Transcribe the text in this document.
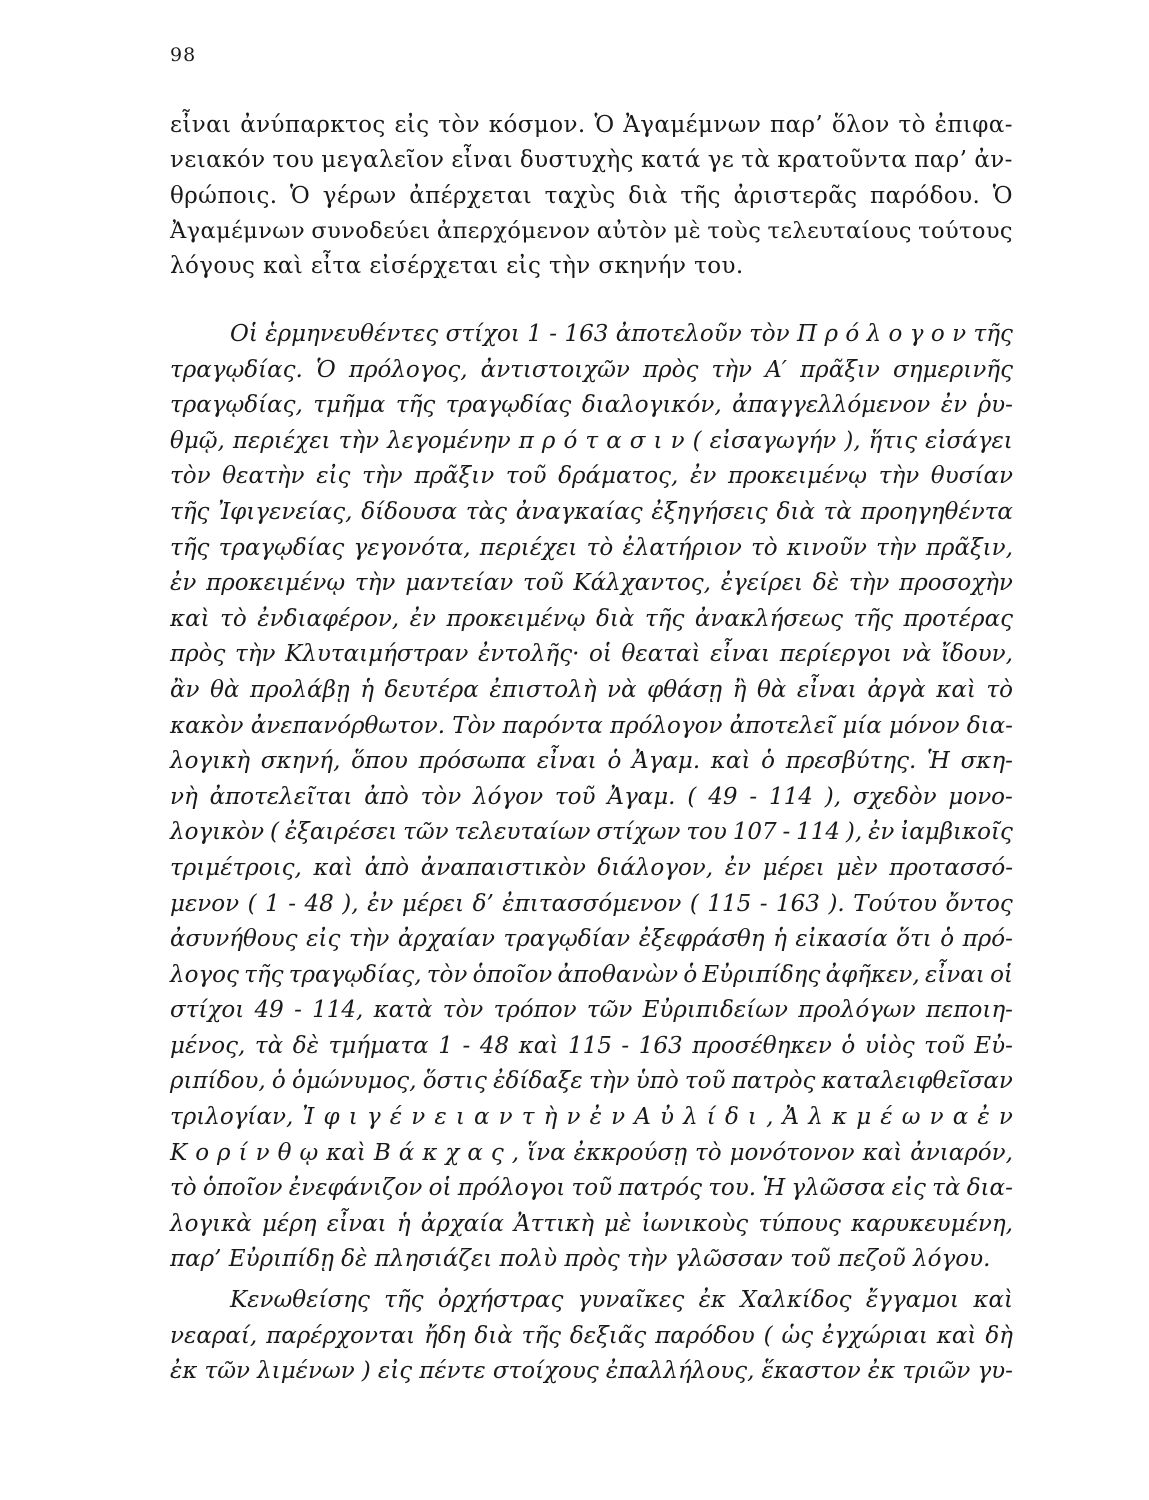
98
εἶναι ἀνύπαρκτος εἰς τὸν κόσμον. Ὁ Ἀγαμέμνων παρ’ ὅλον τὸ ἐπιφα-
νειακόν του μεγαλεῖον εἶναι δυστυχὴς κατά γε τὰ κρατοῦντα παρ’ ἀν-
θρώποις. Ὁ γέρων ἀπέρχεται ταχὺς διὰ τῆς ἀριστερᾶς παρόδου. Ὁ
Ἀγαμέμνων συνοδεύει ἀπερχόμενον αὐτὸν μὲ τοὺς τελευταίους τούτους
λόγους καὶ εἶτα εἰσέρχεται εἰς τὴν σκηνήν του.
Οἱ ἑρμηνευθέντες στίχοι 1 - 163 ἀποτελοῦν τὸν Π ρ ό λ ο γ ο ν τῆς
τραγῳδίας. Ὁ πρόλογος, ἀντιστοιχῶν πρὸς τὴν Α′ πρᾶξιν σημερινῆς
τραγῳδίας, τμῆμα τῆς τραγῳδίας διαλογικόν, ἀπαγγελλόμενον ἐν ῥυ-
θμῷ, περιέχει τὴν λεγομένην π ρ ό τ α σ ι ν ( εἰσαγωγήν ), ἥτις εἰσάγει
τὸν θεατὴν εἰς τὴν πρᾶξιν τοῦ δράματος, ἐν προκειμένῳ τὴν θυσίαν
τῆς Ἰφιγενείας, δίδουσα τὰς ἀναγκαίας ἐξηγήσεις διὰ τὰ προηγηθέντα
τῆς τραγῳδίας γεγονότα, περιέχει τὸ ἐλατήριον τὸ κινοῦν τὴν πρᾶξιν,
ἐν προκειμένῳ τὴν μαντείαν τοῦ Κάλχαντος, ἐγείρει δὲ τὴν προσοχὴν
καὶ τὸ ἐνδιαφέρον, ἐν προκειμένῳ διὰ τῆς ἀνακλήσεως τῆς προτέρας
πρὸς τὴν Κλυταιμήστραν ἐντολῆς· οἱ θεαταὶ εἶναι περίεργοι νὰ ἴδουν,
ἂν θὰ προλάβῃ ἡ δευτέρα ἐπιστολὴ νὰ φθάσῃ ἢ θὰ εἶναι ἀργὰ καὶ τὸ
κακὸν ἀνεπανόρθωτον. Τὸν παρόντα πρόλογον ἀποτελεῖ μία μόνον δια-
λογικὴ σκηνή, ὅπου πρόσωπα εἶναι ὁ Ἀγαμ. καὶ ὁ πρεσβύτης. Ἡ σκη-
νὴ ἀποτελεῖται ἀπὸ τὸν λόγον τοῦ Ἀγαμ. ( 49 - 114 ), σχεδὸν μονο-
λογικὸν ( ἐξαιρέσει τῶν τελευταίων στίχων του 107 - 114 ), ἐν ἰαμβικοῖς
τριμέτροις, καὶ ἀπὸ ἀναπαιστικὸν διάλογον, ἐν μέρει μὲν προτασσό-
μενον ( 1 - 48 ), ἐν μέρει δ’ ἐπιτασσόμενον ( 115 - 163 ). Τούτου ὄντος
ἀσυνήθους εἰς τὴν ἀρχαίαν τραγῳδίαν ἐξεφράσθη ἡ εἰκασία ὅτι ὁ πρό-
λογος τῆς τραγῳδίας, τὸν ὁποῖον ἀποθανὼν ὁ Εὐριπίδης ἀφῆκεν, εἶναι οἱ
στίχοι 49 - 114, κατὰ τὸν τρόπον τῶν Εὐριπιδείων προλόγων πεποιη-
μένος, τὰ δὲ τμήματα 1 - 48 καὶ 115 - 163 προσέθηκεν ὁ υἱὸς τοῦ Εὐ-
ριπίδου, ὁ ὁμώνυμος, ὅστις ἐδίδαξε τὴν ὑπὸ τοῦ πατρὸς καταλειφθεῖσαν
τριλογίαν, Ἰ φ ι γ έ ν ε ι α ν τ ὴ ν ἐ ν Α ὐ λ ί δ ι , Ἀ λ κ μ έ ω ν α ἐ ν
Κ ο ρ ί ν θ ῳ καὶ Β ά κ χ α ς , ἵνα ἐκκρούσῃ τὸ μονότονον καὶ ἀνιαρόν,
τὸ ὁποῖον ἐνεφάνιζον οἱ πρόλογοι τοῦ πατρός του. Ἡ γλῶσσα εἰς τὰ δια-
λογικὰ μέρη εἶναι ἡ ἀρχαία Ἀττικὴ μὲ ἰωνικοὺς τύπους καρυκευμένη,
παρ’ Εὐριπίδῃ δὲ πλησιάζει πολὺ πρὸς τὴν γλῶσσαν τοῦ πεζοῦ λόγου.
Κενωθείσης τῆς ὀρχήστρας γυναῖκες ἐκ Χαλκίδος ἔγγαμοι καὶ
νεαραί, παρέρχονται ἤδη διὰ τῆς δεξιᾶς παρόδου ( ὡς ἐγχώριαι καὶ δὴ
ἐκ τῶν λιμένων ) εἰς πέντε στοίχους ἐπαλλήλους, ἕκαστον ἐκ τριῶν γυ-
